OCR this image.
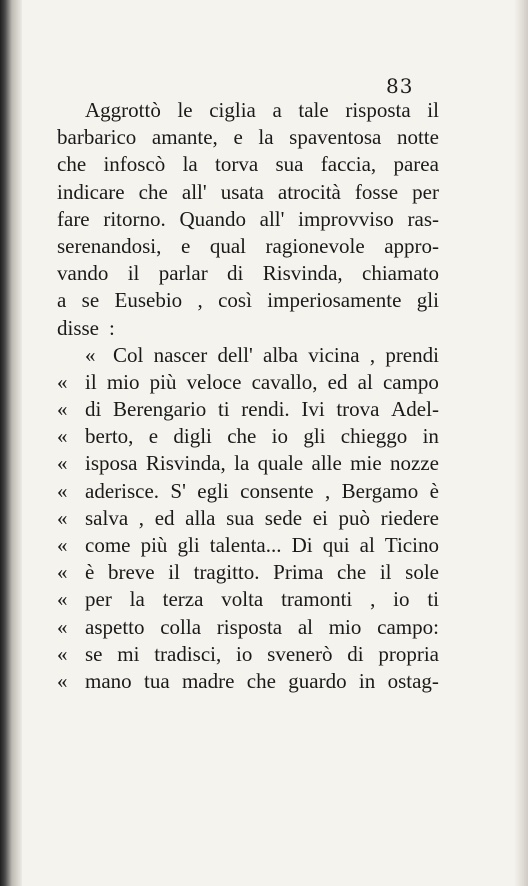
83
Aggrottò le ciglia a tale risposta il
barbarico amante, e la spaventosa notte
che infoscò la torva sua faccia, parea
indicare che all' usata atrocità fosse per
fare ritorno. Quando all' improvviso ras-
serenandosi, e qual ragionevole appro-
vando il parlar di Risvinda, chiamato
a se Eusebio , così imperiosamente gli
disse :
« Col nascer dell' alba vicina , prendi
« il mio più veloce cavallo, ed al campo
« di Berengario ti rendi. Ivi trova Adel-
« berto, e digli che io gli chieggo in
« isposa Risvinda, la quale alle mie nozze
« aderisce. S' egli consente , Bergamo è
« salva , ed alla sua sede ei può riedere
« come più gli talenta... Di qui al Ticino
« è breve il tragitto. Prima che il sole
« per la terza volta tramonti , io ti
« aspetto colla risposta al mio campo:
« se mi tradisci, io svenerò di propria
« mano tua madre che guardo in ostag-
